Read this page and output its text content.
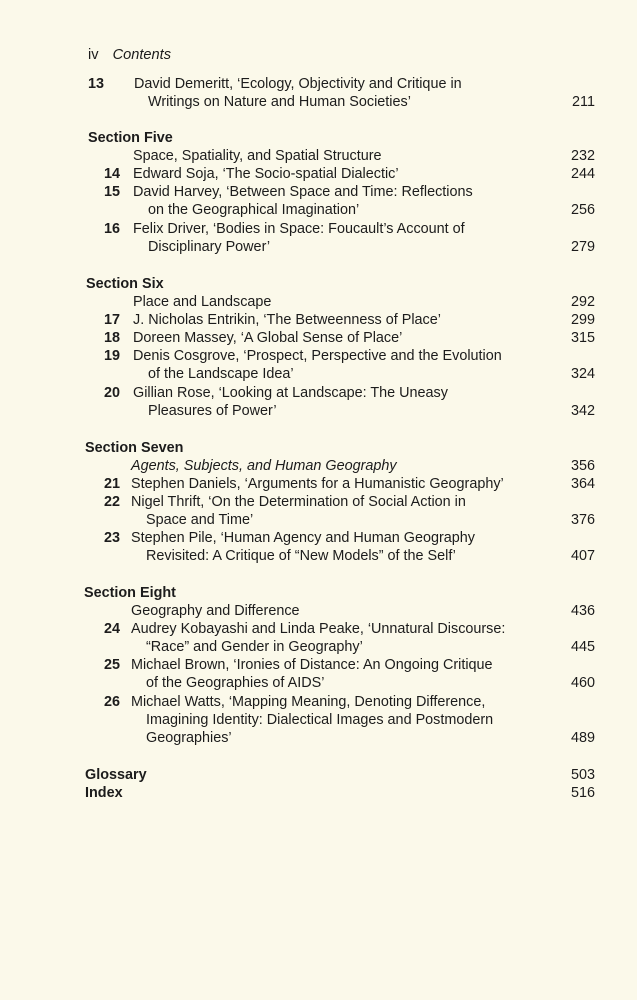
iv Contents
13 David Demeritt, ‘Ecology, Objectivity and Critique in
Writings on Nature and Human Societies’	211
Section Five
Space, Spatiality, and Spatial Structure	232
14 Edward Soja, ‘The Socio-spatial Dialectic’	244
15 David Harvey, ‘Between Space and Time: Reflections
on the Geographical Imagination’	256
16 Felix Driver, ‘Bodies in Space: Foucault’s Account of
Disciplinary Power’	279
Section Six
Place and Landscape	292
17 J. Nicholas Entrikin, ‘The Betweenness of Place’	299
18 Doreen Massey, ‘A Global Sense of Place’	315
19 Denis Cosgrove, ‘Prospect, Perspective and the Evolution
of the Landscape Idea’	324
20 Gillian Rose, ‘Looking at Landscape: The Uneasy
Pleasures of Power’	342
Section Seven
Agents, Subjects, and Human Geography	356
21 Stephen Daniels, ‘Arguments for a Humanistic Geography’	364
22 Nigel Thrift, ‘On the Determination of Social Action in
Space and Time’	376
23 Stephen Pile, ‘Human Agency and Human Geography
Revisited: A Critique of “New Models” of the Self’	407
Section Eight
Geography and Difference	436
24 Audrey Kobayashi and Linda Peake, ‘Unnatural Discourse:
“Race” and Gender in Geography’	445
25 Michael Brown, ‘Ironies of Distance: An Ongoing Critique
of the Geographies of AIDS’	460
26 Michael Watts, ‘Mapping Meaning, Denoting Difference,
Imagining Identity: Dialectical Images and Postmodern
Geographies’	489
Glossary	503
Index	516
